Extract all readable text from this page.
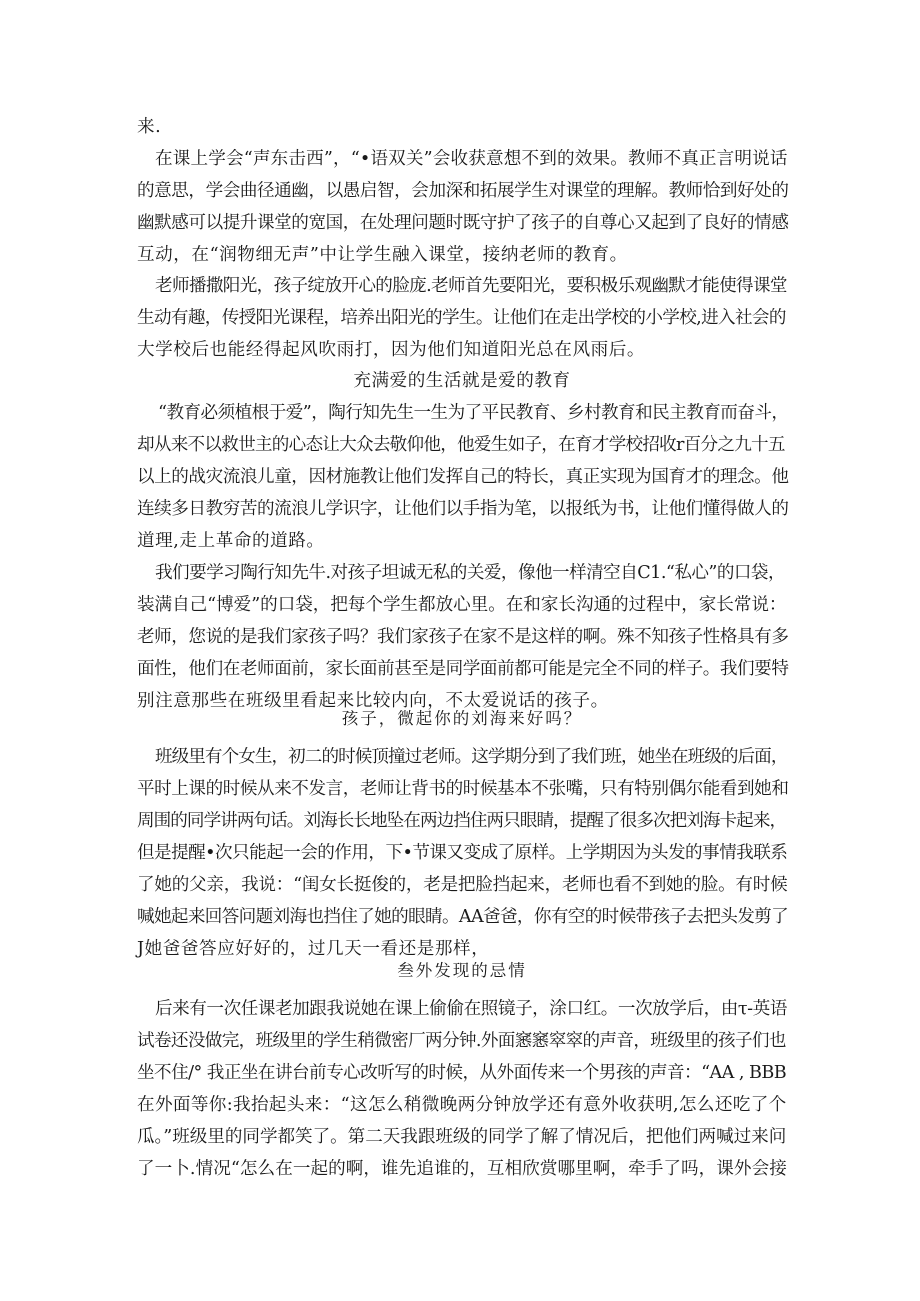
来.
在课上学会“声东击西”，“•语双关”会收获意想不到的效果。教师不真正言明说话
的意思，学会曲径通幽，以愚启智，会加深和拓展学生对课堂的理解。教师恰到好处的
幽默感可以提升课堂的宽国，在处理问题时既守护了孩子的自尊心又起到了良好的情感
互动，在“润物细无声”中让学生融入课堂，接纳老师的教育。
老师播撒阳光，孩子绽放开心的脸庞.老师首先要阳光，要积极乐观幽默才能使得课堂
生动有趣，传授阳光课程，培养出阳光的学生。让他们在走出学校的小学校,进入社会的
大学校后也能经得起风吹雨打，因为他们知道阳光总在风雨后。
充满爱的生活就是爱的教育
“教育必须植根于爱”，陶行知先生一生为了平民教育、乡村教育和民主教育而奋斗，
却从来不以救世主的心态让大众去敬仰他，他爱生如子，在育才学校招收r百分之九十五
以上的战灾流浪儿童，因材施教让他们发挥自己的特长，真正实现为国育才的理念。他
连续多日教穷苦的流浪儿学识字，让他们以手指为笔，以报纸为书，让他们懂得做人的
道理,走上革命的道路。
我们要学习陶行知先牛.对孩子坦诚无私的关爱，像他一样清空自C1.“私心”的口袋，
装满自己“博爱”的口袋，把每个学生都放心里。在和家长沟通的过程中，家长常说：
老师，您说的是我们家孩子吗？我们家孩子在家不是这样的啊。殊不知孩子性格具有多
面性，他们在老师面前，家长面前甚至是同学面前都可能是完全不同的样子。我们要特
别注意那些在班级里看起来比较内向，不太爱说话的孩子。
孩子，微起你的刘海来好吗？
班级里有个女生，初二的时候顶撞过老师。这学期分到了我们班，她坐在班级的后面，
平时上课的时候从来不发言，老师让背书的时候基本不张嘴，只有特别偶尔能看到她和
周围的同学讲两句话。刘海长长地坠在两边挡住两只眼睛，提醒了很多次把刘海卡起来，
但是提醒•次只能起一会的作用，下•节课又变成了原样。上学期因为头发的事情我联系
了她的父亲，我说：“闺女长挺俊的，老是把脸挡起来，老师也看不到她的脸。有时候
喊她起来回答问题刘海也挡住了她的眼睛。AA爸爸，你有空的时候带孩子去把头发剪了
J她爸爸答应好好的，过几天一看还是那样，
叁外发现的忌情
后来有一次任课老加跟我说她在课上偷偷在照镜子，涂口红。一次放学后，由τ-英语
试卷还没做完，班级里的学生稍微密厂两分钟.外面窸窸窣窣的声音，班级里的孩子们也
坐不住/° 我正坐在讲台前专心改听写的时候，从外面传来一个男孩的声音：“AA , BBB
在外面等你:我抬起头来：“这怎么稍微晚两分钟放学还有意外收获明,怎么还吃了个
瓜。”班级里的同学都笑了。第二天我跟班级的同学了解了情况后，把他们两喊过来问
了一卜.情况“怎么在一起的啊，谁先追谁的，互相欣赏哪里啊，牵手了吗，课外会接
